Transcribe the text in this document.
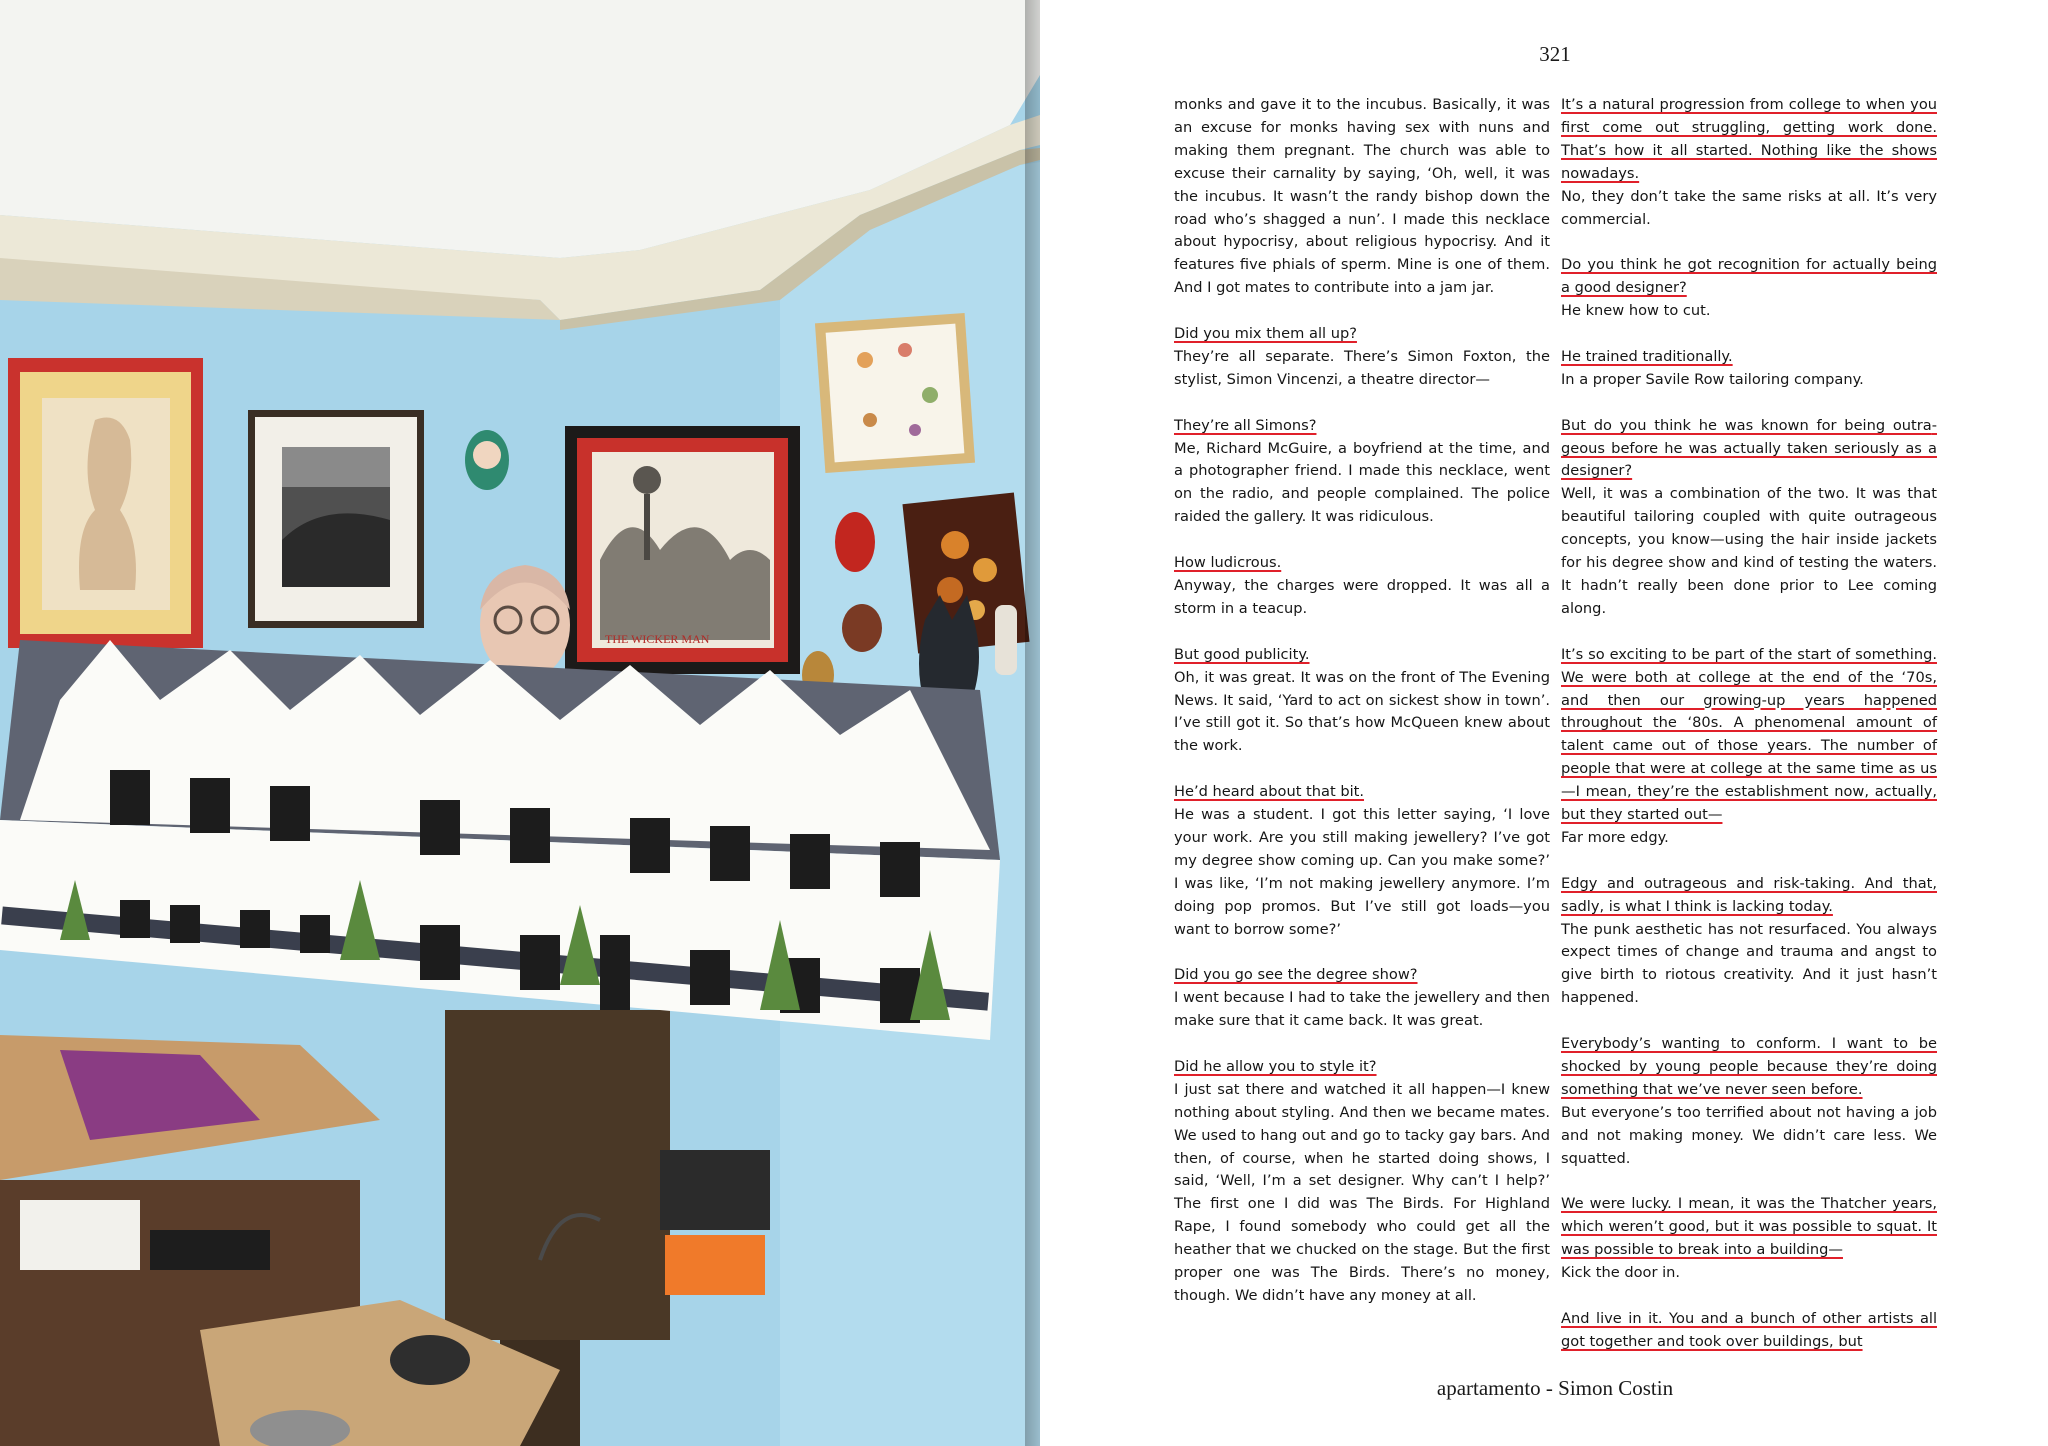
THE WICKER MAN
321

monks and gave it to the incubus. Basically, it was an excuse for monks having sex with nuns and making them pregnant. The church was able to excuse their carnality by saying, ‘Oh, well, it was the incubus. It wasn’t the randy bishop down the road who’s shagged a nun’. I made this necklace about hypocrisy, about religious hypocrisy. And it features five phials of sperm. Mine is one of them. And I got mates to contribute into a jam jar.

Did you mix them all up?

They’re all separate. There’s Simon Foxton, the stylist, Simon Vincenzi, a theatre director—

They’re all Simons?

Me, Richard McGuire, a boyfriend at the time, and a photographer friend. I made this necklace, went on the radio, and people complained. The police raided the gallery. It was ridiculous.

How ludicrous.

Anyway, the charges were dropped. It was all a storm in a teacup.

But good publicity.

Oh, it was great. It was on the front of The Evening News. It said, ‘Yard to act on sickest show in town’. I’ve still got it. So that’s how McQueen knew about the work.

He’d heard about that bit.

He was a student. I got this letter saying, ‘I love your work. Are you still making jewellery? I’ve got my degree show coming up. Can you make some?’ I was like, ‘I’m not making jewellery anymore. I’m doing pop promos. But I’ve still got loads—you want to borrow some?’

Did you go see the degree show?

I went because I had to take the jewellery and then make sure that it came back. It was great.

Did he allow you to style it?

I just sat there and watched it all happen—I knew nothing about styling. And then we became mates. We used to hang out and go to tacky gay bars. And then, of course, when he started doing shows, I said, ‘Well, I’m a set designer. Why can’t I help?’ The first one I did was The Birds. For Highland Rape, I found somebody who could get all the heather that we chucked on the stage. But the first proper one was The Birds. There’s no money, though. We didn’t have any money at all.

It’s a natural progression from college to when you first come out struggling, getting work done. That’s how it all started. Nothing like the shows nowadays.

No, they don’t take the same risks at all. It’s very commercial.

Do you think he got recognition for actually being a good designer?

He knew how to cut.

He trained traditionally.

In a proper Savile Row tailoring company.

But do you think he was known for being outrageous before he was actually taken seriously as a designer?

Well, it was a combination of the two. It was that beautiful tailoring coupled with quite outrageous concepts, you know—using the hair inside jackets for his degree show and kind of testing the waters. It hadn’t really been done prior to Lee coming along.

It’s so exciting to be part of the start of something. We were both at college at the end of the ‘70s, and then our growing-up years happened throughout the ‘80s. A phenomenal amount of talent came out of those years. The number of people that were at college at the same time as us—I mean, they’re the establishment now, actually, but they started out—

Far more edgy.

Edgy and outrageous and risk-taking. And that, sadly, is what I think is lacking today.

The punk aesthetic has not resurfaced. You always expect times of change and trauma and angst to give birth to riotous creativity. And it just hasn’t happened.

Everybody’s wanting to conform. I want to be shocked by young people because they’re doing something that we’ve never seen before.

But everyone’s too terrified about not having a job and not making money. We didn’t care less. We squatted.

We were lucky. I mean, it was the Thatcher years, which weren’t good, but it was possible to squat. It was possible to break into a building—

Kick the door in.

And live in it. You and a bunch of other artists all got together and took over buildings, but

apartamento - Simon Costin
